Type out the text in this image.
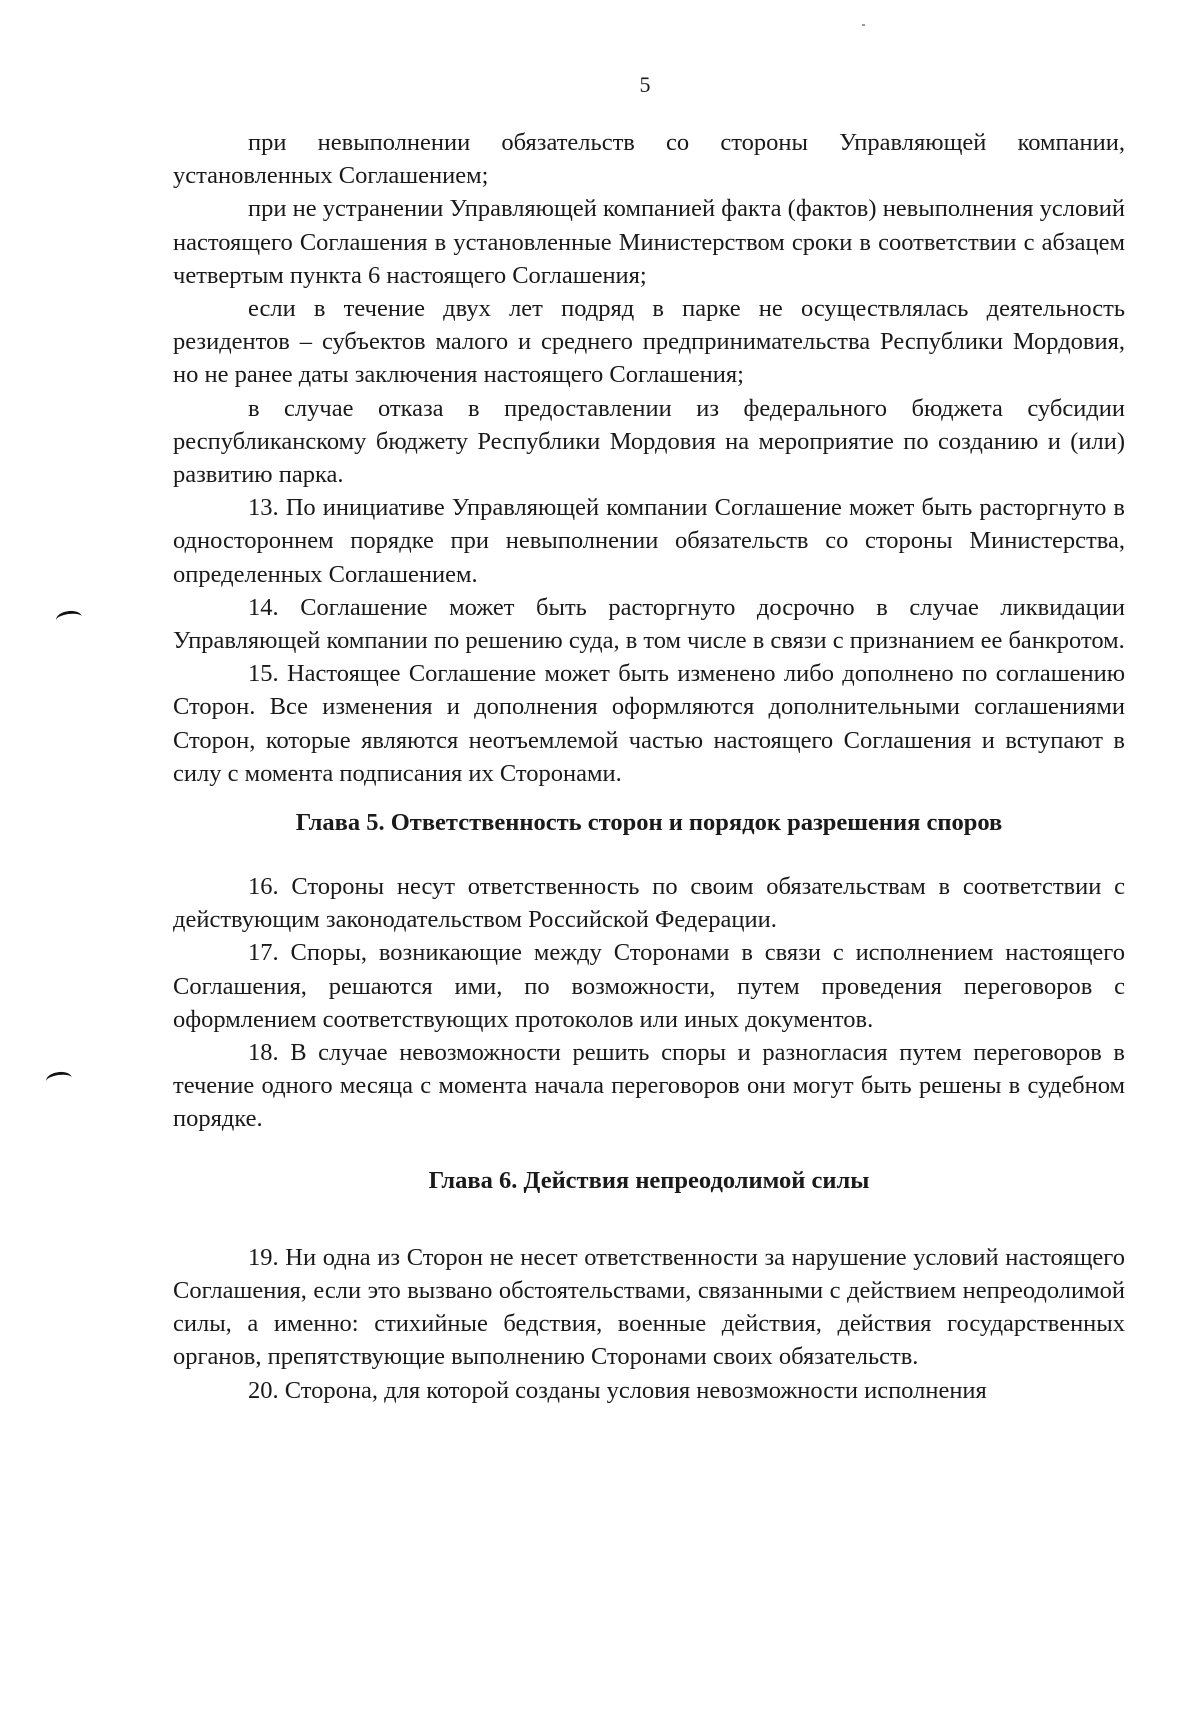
5

при невыполнении обязательств со стороны Управляющей компании, установленных Соглашением;

при не устранении Управляющей компанией факта (фактов) невыполнения условий настоящего Соглашения в установленные Министерством сроки в соответствии с абзацем четвертым пункта 6 настоящего Соглашения;

если в течение двух лет подряд в парке не осуществлялась деятельность резидентов – субъектов малого и среднего предпринимательства Республики Мордовия, но не ранее даты заключения настоящего Соглашения;

в случае отказа в предоставлении из федерального бюджета субсидии республиканскому бюджету Республики Мордовия на мероприятие по созданию и (или) развитию парка.

13. По инициативе Управляющей компании Соглашение может быть расторгнуто в одностороннем порядке при невыполнении обязательств со стороны Министерства, определенных Соглашением.

14. Соглашение может быть расторгнуто досрочно в случае ликвидации Управляющей компании по решению суда, в том числе в связи с признанием ее банкротом.

15. Настоящее Соглашение может быть изменено либо дополнено по соглашению Сторон. Все изменения и дополнения оформляются дополнительными соглашениями Сторон, которые являются неотъемлемой частью настоящего Соглашения и вступают в силу с момента подписания их Сторонами.

Глава 5. Ответственность сторон и порядок разрешения споров

16. Стороны несут ответственность по своим обязательствам в соответствии с действующим законодательством Российской Федерации.

17. Споры, возникающие между Сторонами в связи с исполнением настоящего Соглашения, решаются ими, по возможности, путем проведения переговоров с оформлением соответствующих протоколов или иных документов.

18. В случае невозможности решить споры и разногласия путем переговоров в течение одного месяца с момента начала переговоров они могут быть решены в судебном порядке.

Глава 6. Действия непреодолимой силы

19. Ни одна из Сторон не несет ответственности за нарушение условий настоящего Соглашения, если это вызвано обстоятельствами, связанными с действием непреодолимой силы, а именно: стихийные бедствия, военные действия, действия государственных органов, препятствующие выполнению Сторонами своих обязательств.

20. Сторона, для которой созданы условия невозможности исполнения
